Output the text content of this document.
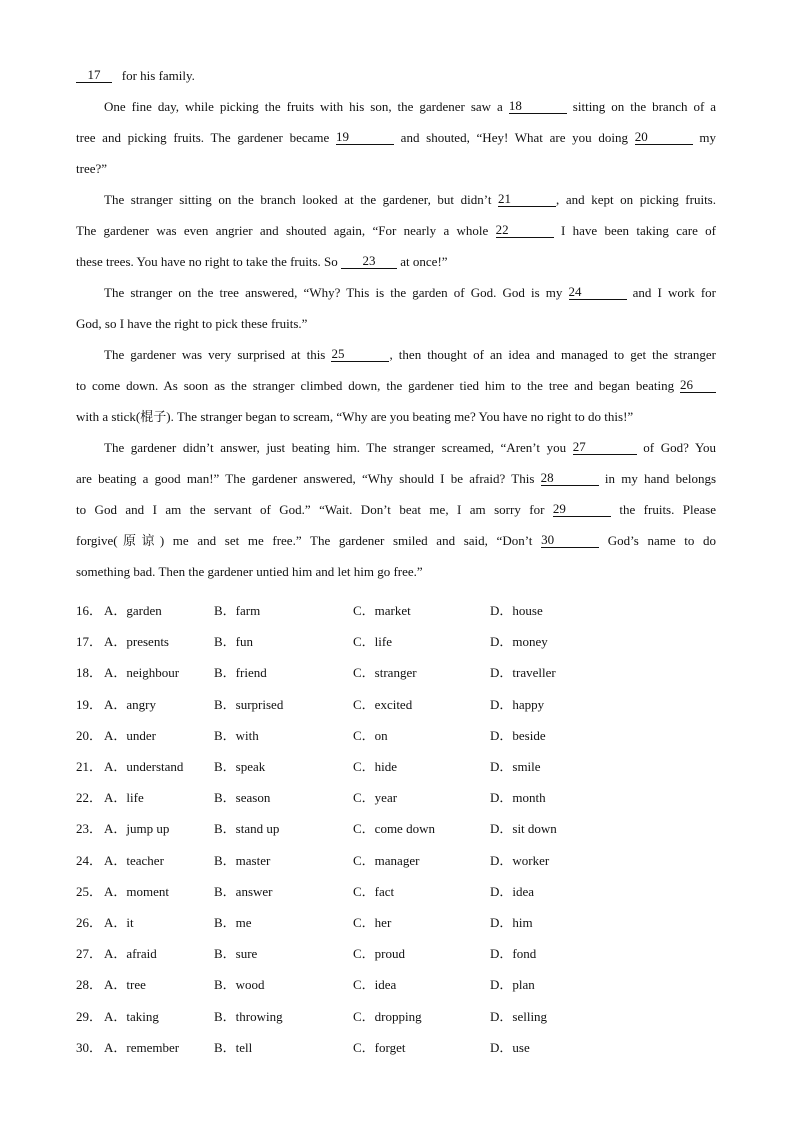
17 for his family.
One fine day, while picking the fruits with his son, the gardener saw a 18	sitting on the branch of a
tree and picking fruits. The gardener became 19	and shouted, “Hey! What are you doing 20	my
tree?”
The stranger sitting on the branch looked at the gardener, but didn’t 21	, and kept on picking fruits.
The gardener was even angrier and shouted again, “For nearly a whole 22	I have been taking care of
these trees. You have no right to take the fruits. So 23 at once!”
The stranger on the tree answered, “Why? This is the garden of God. God is my 24	and I work for
God, so I have the right to pick these fruits.”
The gardener was very surprised at this 25	, then thought of an idea and managed to get the stranger
to come down. As soon as the stranger climbed down, the gardener tied him to the tree and began beating 26
with a stick(棍子). The stranger began to scream, “Why are you beating me? You have no right to do this!”
The gardener didn’t answer, just beating him. The stranger screamed, “Aren’t you 27	of God? You
are beating a good man!” The gardener answered, “Why should I be afraid? This 28	in my hand belongs
to God and I am the servant of God.” “Wait. Don’t beat me, I am sorry for 29	the fruits. Please
forgive(原谅) me and set me free.” The gardener smiled and said, “Don’t 30	God’s name to do
something bad. Then the gardener untied him and let him go free.”
16． A．garden	B．farm	C．market	D．house
17． A．presents	B．fun	C．life	D．money
18． A．neighbour	B．friend	C．stranger	D．traveller
19． A．angry	B．surprised	C．excited	D．happy
20． A．under	B．with	C．on	D．beside
21． A．understand B．speak	C．hide	D．smile
22． A．life	B．season	C．year	D．month
23． A．jump up	B．stand up	C．come down	D．sit down
24． A．teacher	B．master	C．manager	D．worker
25． A．moment	B．answer	C．fact	D．idea
26． A．it	B．me	C．her	D．him
27． A．afraid	B．sure	C．proud	D．fond
28． A．tree	B．wood	C．idea	D．plan
29． A．taking	B．throwing	C．dropping	D．selling
30． A．remember	B．tell	C．forget	D．use
